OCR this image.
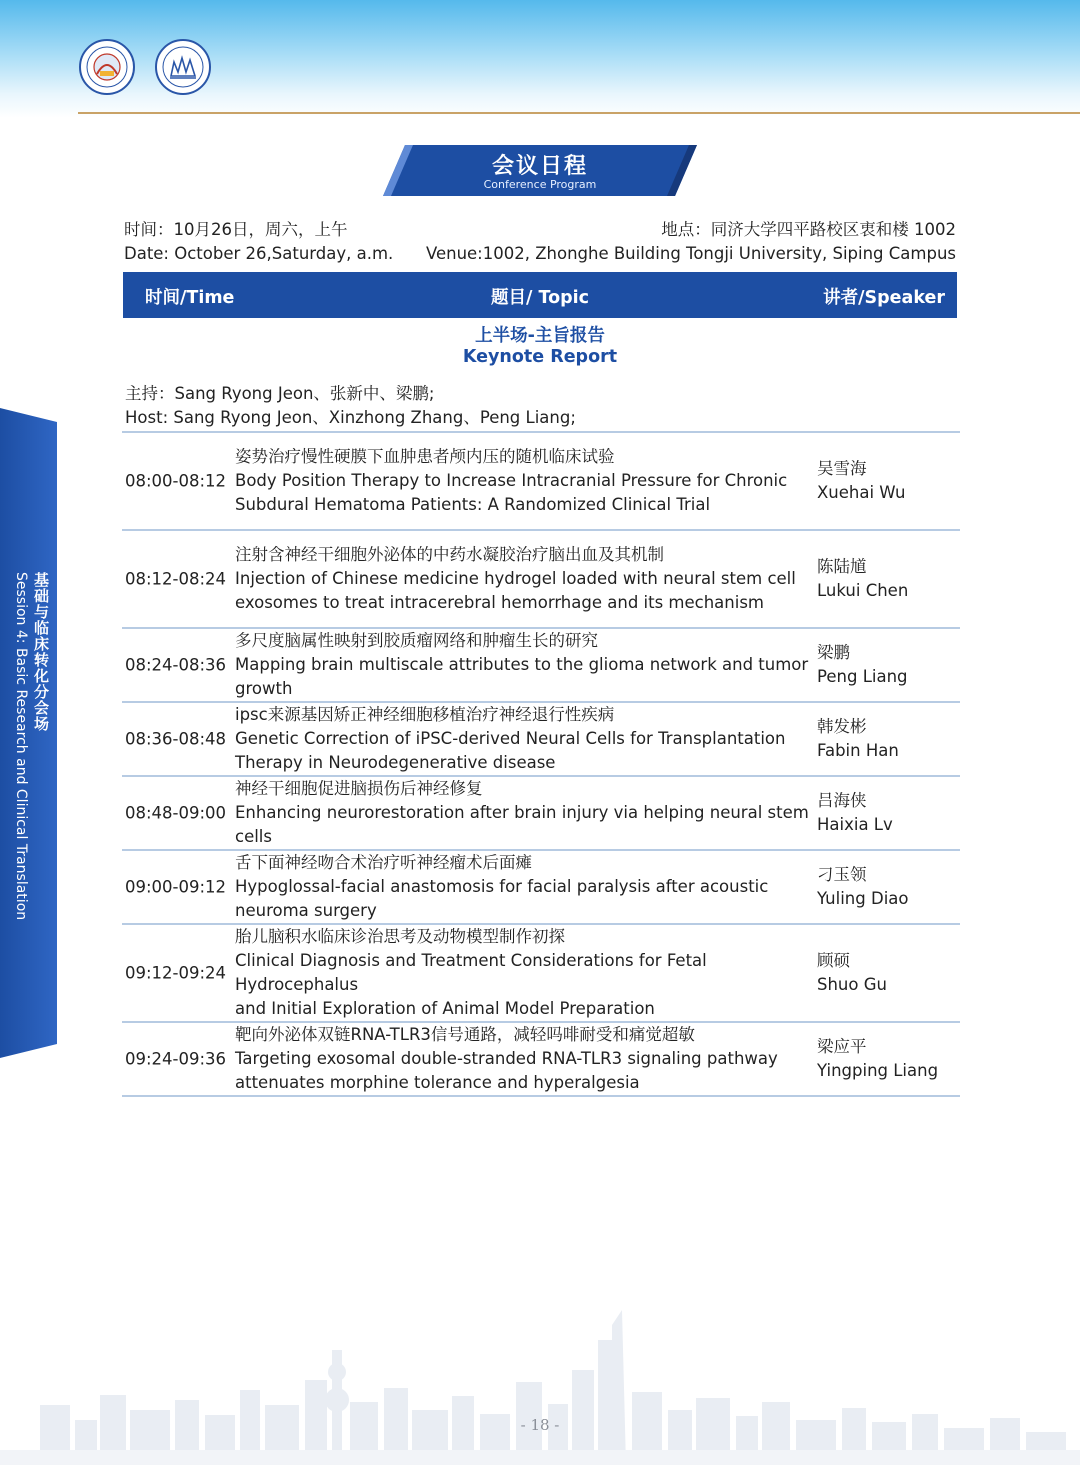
会议日程
Conference Program
时间：10月26日，周六，上午
Date: October 26,Saturday, a.m.
地点：同济大学四平路校区衷和楼 1002
Venue:1002, Zhonghe Building Tongji University, Siping Campus
题目/ Topic
时间/Time	讲者/Speaker
上半场-主旨报告
Keynote Report
主持：Sang Ryong Jeon、张新中、梁鹏;
Host: Sang Ryong Jeon、Xinzhong Zhang、Peng Liang;
08:00-08:12
姿势治疗慢性硬膜下血肿患者颅内压的随机临床试验
Body Position Therapy to Increase Intracranial Pressure for Chronic
Subdural Hematoma Patients: A Randomized Clinical Trial
吴雪海
Xuehai Wu
08:12-08:24
注射含神经干细胞外泌体的中药水凝胶治疗脑出血及其机制
Injection of Chinese medicine hydrogel loaded with neural stem cell
exosomes to treat intracerebral hemorrhage and its mechanism
陈陆馗
Lukui Chen
08:24-08:36
多尺度脑属性映射到胶质瘤网络和肿瘤生长的研究
Mapping brain multiscale attributes to the glioma network and tumor
growth
梁鹏
Peng Liang
08:36-08:48
ipsc来源基因矫正神经细胞移植治疗神经退行性疾病
Genetic Correction of iPSC-derived Neural Cells for Transplantation
Therapy in Neurodegenerative disease
韩发彬
Fabin Han
08:48-09:00
神经干细胞促进脑损伤后神经修复
Enhancing neurorestoration after brain injury via helping neural stem
cells
吕海侠
Haixia Lv
09:00-09:12
舌下面神经吻合术治疗听神经瘤术后面瘫
Hypoglossal-facial anastomosis for facial paralysis after acoustic
neuroma surgery
刁玉领
Yuling Diao
09:12-09:24
胎儿脑积水临床诊治思考及动物模型制作初探
Clinical Diagnosis and Treatment Considerations for Fetal Hydrocephalus
and Initial Exploration of Animal Model Preparation
顾硕
Shuo Gu
09:24-09:36
靶向外泌体双链RNA-TLR3信号通路，减轻吗啡耐受和痛觉超敏
Targeting exosomal double-stranded RNA-TLR3 signaling pathway
attenuates morphine tolerance and hyperalgesia
梁应平
Yingping Liang
基础与临床转化分会场
Session 4: Basic Research and Clinical Translation
- 18 -
